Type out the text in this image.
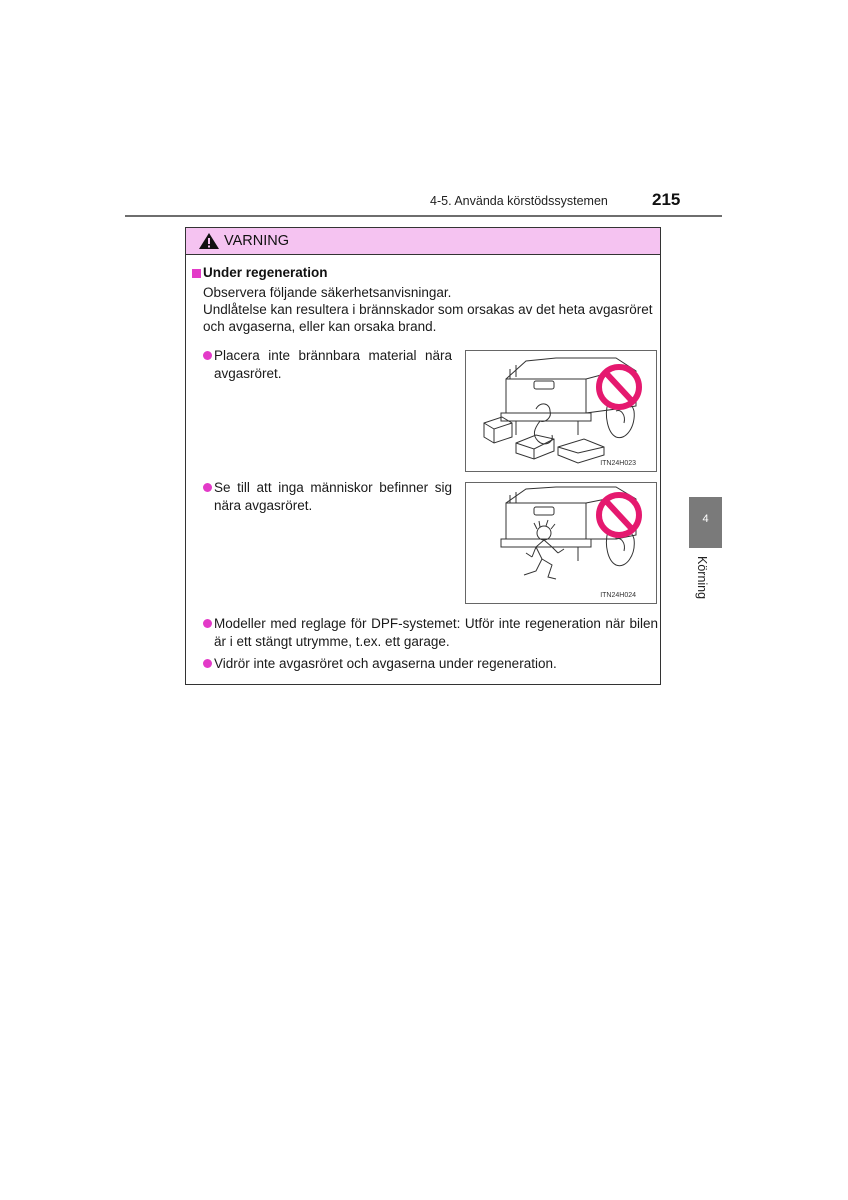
4-5. Använda körstödssystemen	215
4
Körning
VARNING
Under regeneration
Observera följande säkerhetsanvisningar.
Undlåtelse kan resultera i brännskador som orsakas av det heta avgasröret
och avgaserna, eller kan orsaka brand.
Placera inte brännbara material nära
avgasröret.
ITN24H023
Se till att inga människor befinner sig
nära avgasröret.
ITN24H024
Modeller med reglage för DPF-systemet: Utför inte regeneration när bilen
är i ett stängt utrymme, t.ex. ett garage.
Vidrör inte avgasröret och avgaserna under regeneration.
